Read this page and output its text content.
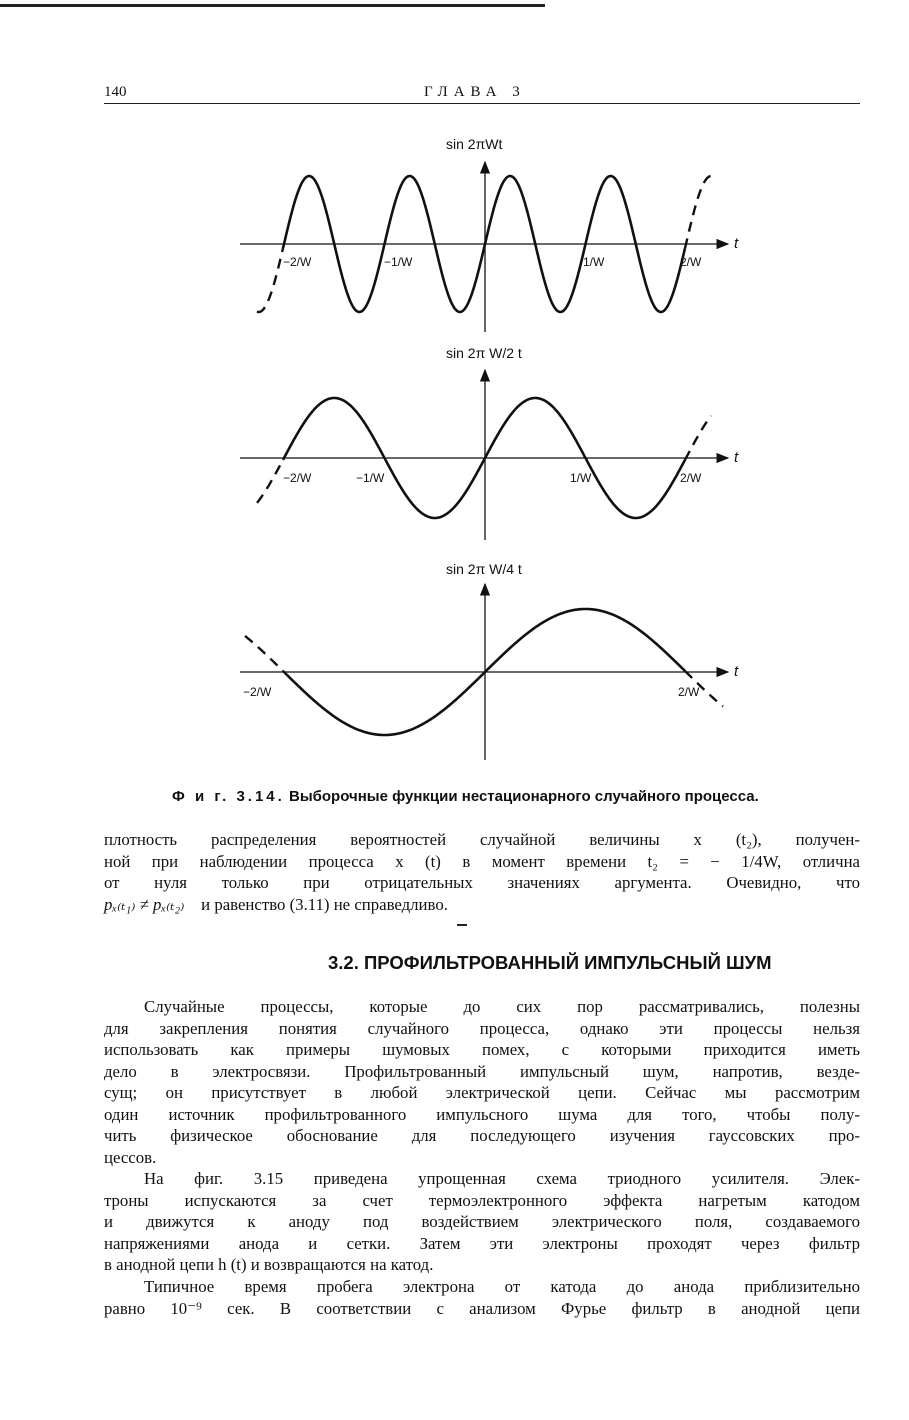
140	ГЛАВА 3
sin 2πWt
t
−2/W	−1/W	1/W	2/W
sin 2π W/2 t
t
−2/W	−1/W	1/W	2/W
sin 2π W/4 t
t
−2/W	2/W
Ф и г. 3.14. Выборочные функции нестационарного случайного процесса.
плотность распределения вероятностей случайной величины x (t₂), получен-
ной при наблюдении процесса x (t) в момент времени t₂ = − 1/4W, отлична
от нуля только при отрицательных значениях аргумента. Очевидно, что
pₓ₍ₜ₁₎ ≠ pₓ₍ₜ₂₎ и равенство (3.11) не справедливо.
3.2. ПРОФИЛЬТРОВАННЫЙ ИМПУЛЬСНЫЙ ШУМ
Случайные процессы, которые до сих пор рассматривались, полезны
для закрепления понятия случайного процесса, однако эти процессы нельзя
использовать как примеры шумовых помех, с которыми приходится иметь
дело в электросвязи. Профильтрованный импульсный шум, напротив, везде-
сущ; он присутствует в любой электрической цепи. Сейчас мы рассмотрим
один источник профильтрованного импульсного шума для того, чтобы полу-
чить физическое обоснование для последующего изучения гауссовских про-
цессов.
На фиг. 3.15 приведена упрощенная схема триодного усилителя. Элек-
троны испускаются за счет термоэлектронного эффекта нагретым катодом
и движутся к аноду под воздействием электрического поля, создаваемого
напряжениями анода и сетки. Затем эти электроны проходят через фильтр
в анодной цепи h (t) и возвращаются на катод.
Типичное время пробега электрона от катода до анода приблизительно
равно 10⁻⁹ сек. В соответствии с анализом Фурье фильтр в анодной цепи
